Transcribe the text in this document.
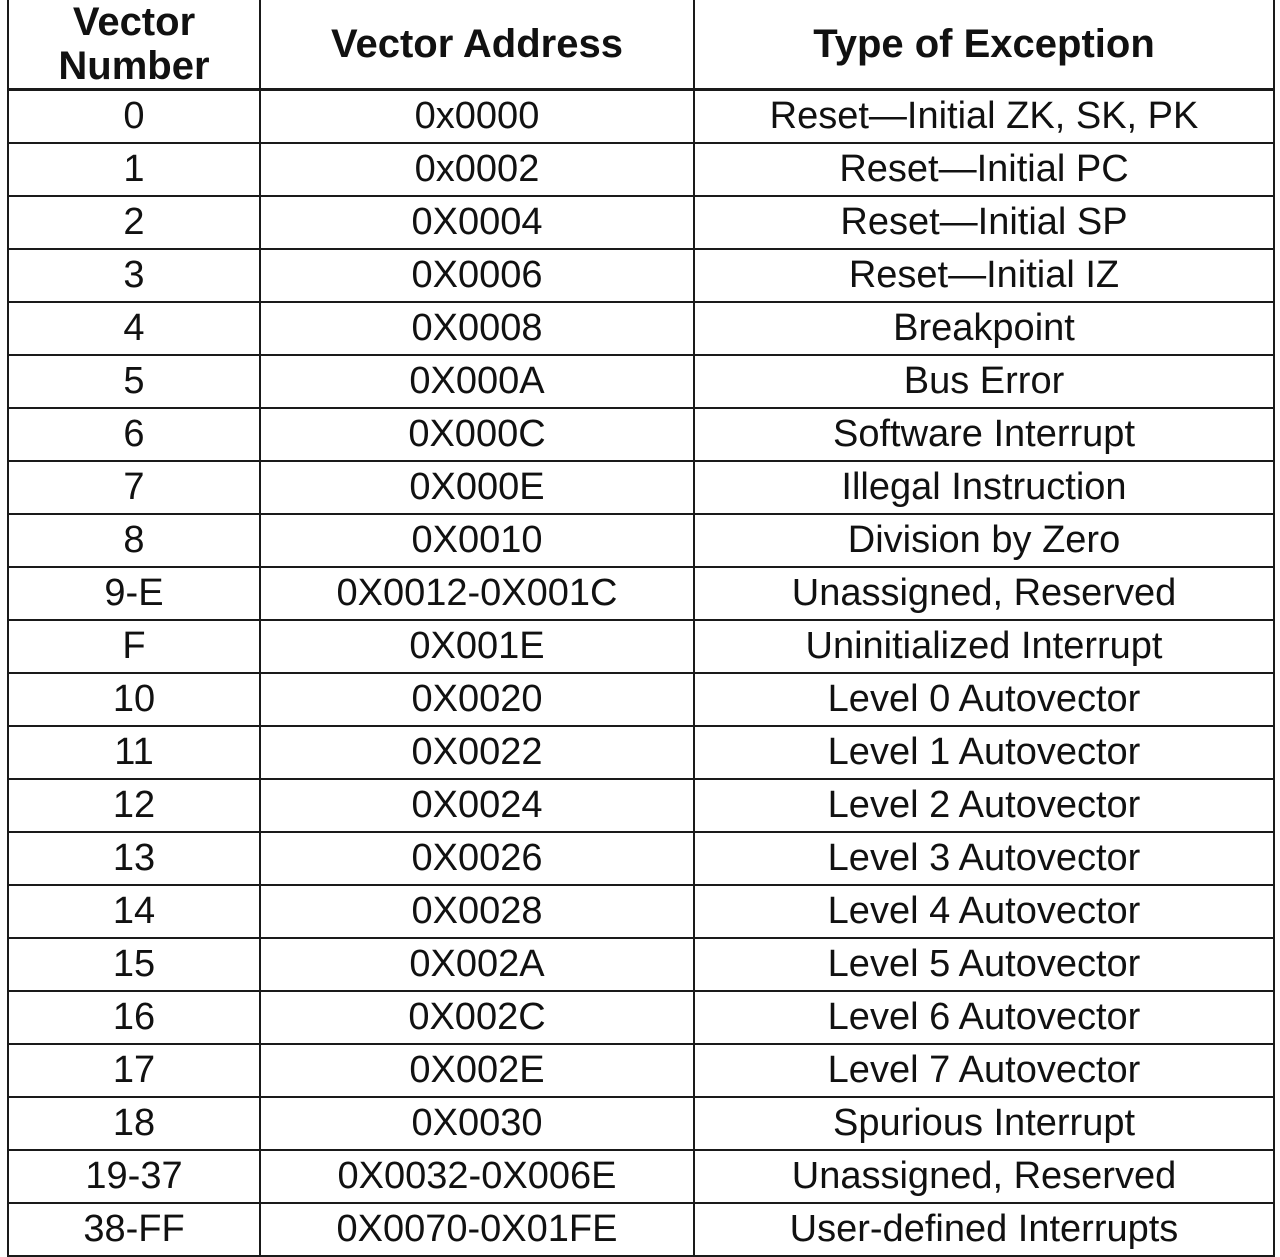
Vector
Number	Vector Address	Type of Exception
0	0x0000	Reset—Initial ZK, SK, PK
1	0x0002	Reset—Initial PC
2	0X0004	Reset—Initial SP
3	0X0006	Reset—Initial IZ
4	0X0008	Breakpoint
5	0X000A	Bus Error
6	0X000C	Software Interrupt
7	0X000E	Illegal Instruction
8	0X0010	Division by Zero
9-E	0X0012-0X001C	Unassigned, Reserved
F	0X001E	Uninitialized Interrupt
10	0X0020	Level 0 Autovector
11	0X0022	Level 1 Autovector
12	0X0024	Level 2 Autovector
13	0X0026	Level 3 Autovector
14	0X0028	Level 4 Autovector
15	0X002A	Level 5 Autovector
16	0X002C	Level 6 Autovector
17	0X002E	Level 7 Autovector
18	0X0030	Spurious Interrupt
19-37	0X0032-0X006E	Unassigned, Reserved
38-FF	0X0070-0X01FE	User-defined Interrupts
